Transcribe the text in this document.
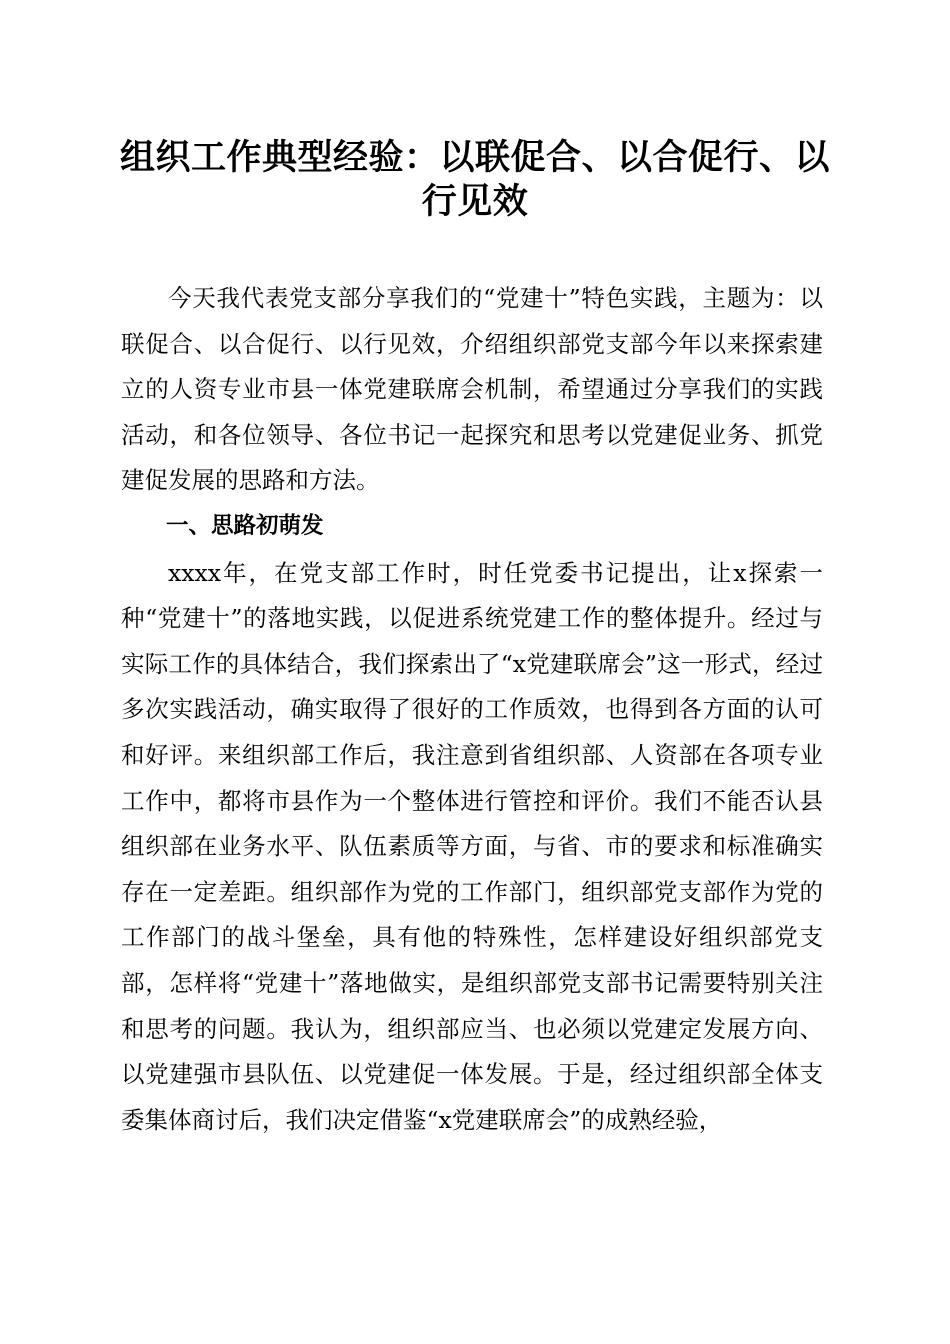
组织工作典型经验：以联促合、以合促行、以行见效

今天我代表党支部分享我们的“党建十”特色实践，主题为：以联促合、以合促行、以行见效，介绍组织部党支部今年以来探索建立的人资专业市县一体党建联席会机制，希望通过分享我们的实践活动，和各位领导、各位书记一起探究和思考以党建促业务、抓党建促发展的思路和方法。

一、思路初萌发

xxxx年，在党支部工作时，时任党委书记提出，让x探索一种“党建十”的落地实践，以促进系统党建工作的整体提升。经过与实际工作的具体结合，我们探索出了“x党建联席会”这一形式，经过多次实践活动，确实取得了很好的工作质效，也得到各方面的认可和好评。来组织部工作后，我注意到省组织部、人资部在各项专业工作中，都将市县作为一个整体进行管控和评价。我们不能否认县组织部在业务水平、队伍素质等方面，与省、市的要求和标准确实存在一定差距。组织部作为党的工作部门，组织部党支部作为党的工作部门的战斗堡垒，具有他的特殊性，怎样建设好组织部党支部，怎样将“党建十”落地做实，是组织部党支部书记需要特别关注和思考的问题。我认为，组织部应当、也必须以党建定发展方向、以党建强市县队伍、以党建促一体发展。于是，经过组织部全体支委集体商讨后，我们决定借鉴“x党建联席会”的成熟经验，
